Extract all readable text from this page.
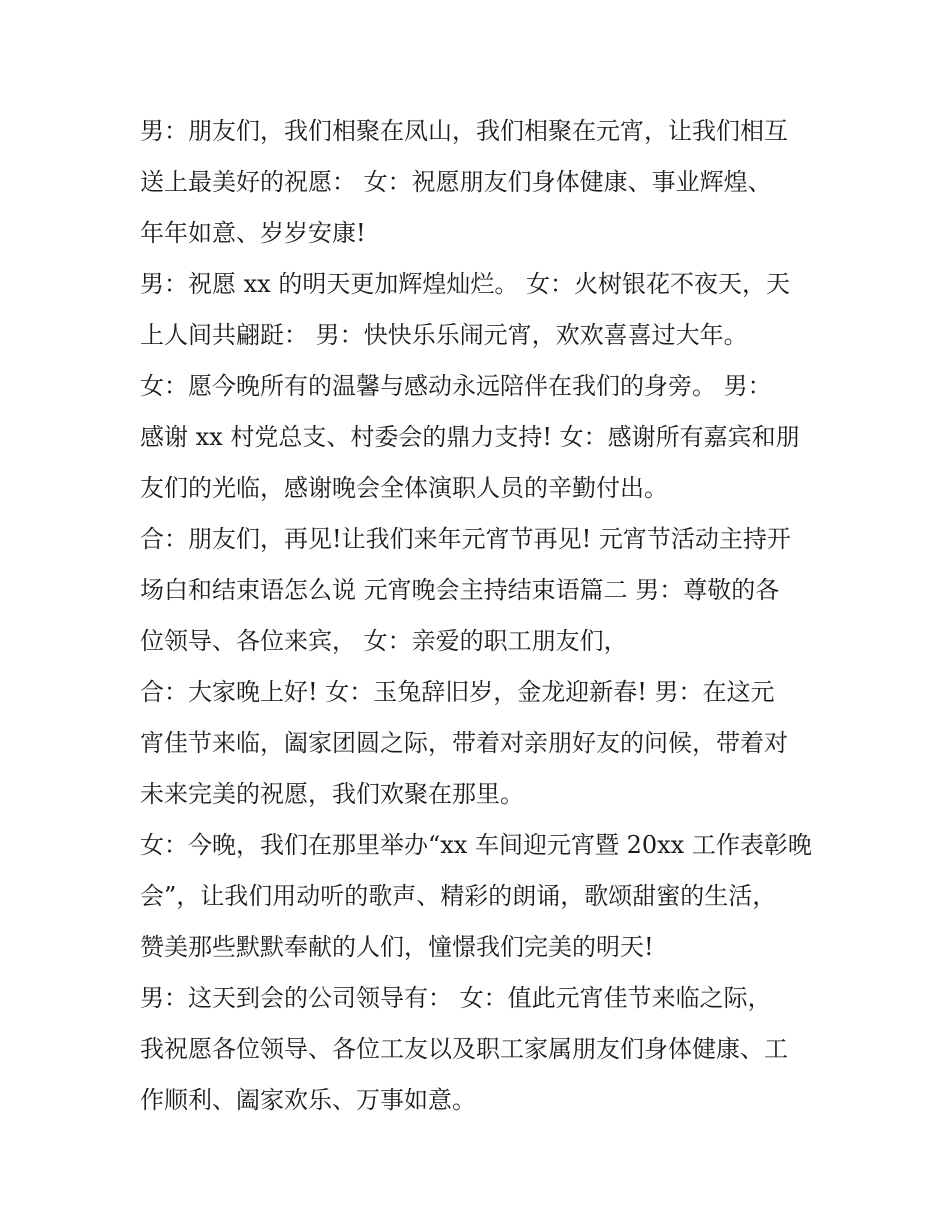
男：朋友们，我们相聚在凤山，我们相聚在元宵，让我们相互
送上最美好的祝愿： 女：祝愿朋友们身体健康、事业辉煌、
年年如意、岁岁安康!
男：祝愿 xx 的明天更加辉煌灿烂。 女：火树银花不夜天，天
上人间共翩跹： 男：快快乐乐闹元宵，欢欢喜喜过大年。
女：愿今晚所有的温馨与感动永远陪伴在我们的身旁。 男：
感谢 xx 村党总支、村委会的鼎力支持! 女：感谢所有嘉宾和朋
友们的光临，感谢晚会全体演职人员的辛勤付出。
合：朋友们，再见!让我们来年元宵节再见! 元宵节活动主持开
场白和结束语怎么说 元宵晚会主持结束语篇二 男：尊敬的各
位领导、各位来宾， 女：亲爱的职工朋友们，
合：大家晚上好! 女：玉兔辞旧岁，金龙迎新春! 男：在这元
宵佳节来临，阖家团圆之际，带着对亲朋好友的问候，带着对
未来完美的祝愿，我们欢聚在那里。
女：今晚，我们在那里举办“xx 车间迎元宵暨 20xx 工作表彰晚
会”，让我们用动听的歌声、精彩的朗诵，歌颂甜蜜的生活，
赞美那些默默奉献的人们，憧憬我们完美的明天!
男：这天到会的公司领导有： 女：值此元宵佳节来临之际，
我祝愿各位领导、各位工友以及职工家属朋友们身体健康、工
作顺利、阖家欢乐、万事如意。
